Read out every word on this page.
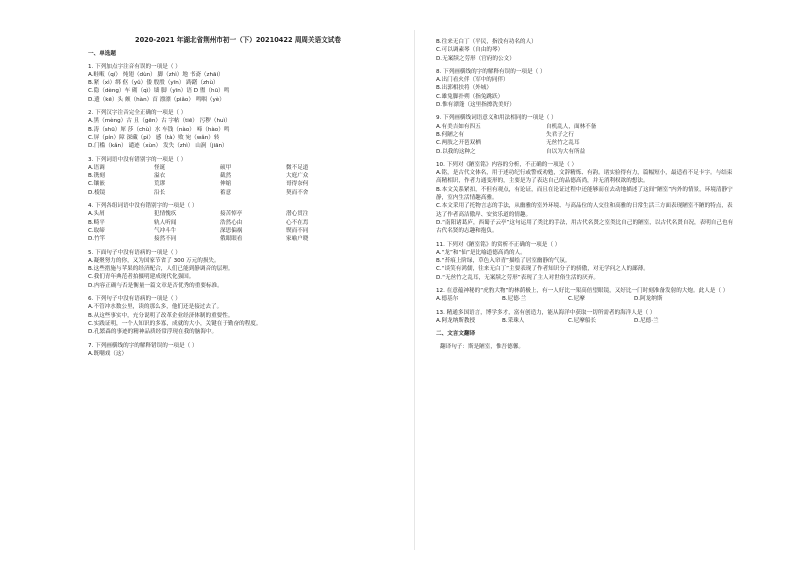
2020-2021 年湖北省荆州市初一（下）20210422 周周关语文试卷
一、单选题
1. 下列加点字注音有误的一项是（ ）
A.畦畈（qí） 炖翅（dùn） 脚（zhì）地 书斋（zhāi）
B.紧（xì）绑 伛（yǔ）偻 殷殷（yīn） 踌躇（zhù）
C.隐（dèng）车 砌（qì）墙 脚（yīn）语 D 盥（hū）鸣
D.遗（kē）头 颇（hàn）首 漂漂（piǎo） 鸣咽（yè）
2. 下列汉字注音完全正确的一项是（ ）
A.黑（mèng）古 且（gēn）古 字帖（tiē） 污秽（huì）
B.涛（shū）犀 莎（chù）水 车钱（nào） 啼（hào）鸣
C.屏（pín）障 深藏（pì） 感（tà）败 宛（wǎn）转
D.门槛（kǎn） 谴迹（xùn） 发失（zhì） 山涧（jiān）
3. 下列词语中没有错别字的一项是（ ）
A.语调	怪诞	硕甲	微不足道
B.镌刻	溢衣	截然	大庭广众
C.镶嵌	荒谬	伸缩	哥得奈何
D.棱镜	沿长	蓄意	契而不舍
4. 下列各组词语中没有错别字的一项是（ ）
A.头屑	犯情愧疚	接苦悼亭	潜心贯注
B.畸平	轨人听闻	浩然心由	心不在焉
C.取缔	气冲斗牛	深思偏祸	锲而不同
D.竹竿	接然不同	俄眼眼看	家喻户晓
5. 下面句子中没有语病的一项是（ ）
A.凝聚努力的你，又为国家节省了 300 万元的损失。
B.这些措施与苹果的经济配合，人们已能到静调音的层理。
C.我们青年典范者拍摄明建成现代化强国。
D.内容正确与否是衡量一篇文章是否优秀的重要标准。
6. 下列句子中没有语病的一项是（ ）
A.不管冲水数公里，读的那么多，他们还是接过去了。
B.从这些事实中，充分说明了改革企业经济体制的重要性。
C.实践证明，一个人知识的多寡，成就的大小，关键在于勤奋的程度。
D.孔繁森的事迹的精神品质经常浮现在我的脑海中。
7. 下列画横线的字的解释错误的一项是（ ）
A.既嘲戏（这）
B.往来无白丁（平民，指没有功名的人）
C.可以调素琴（自由的琴）
D.无案牍之劳形（官府的公文）
8. 下列画横线的字的解释有误的一项是（ ）
A.出门看火伴（军中的同伴）
B.出郭相扶将（外城）
C.雄兔脚扑朔（指兔跳跃）
D.惟有漂蓬（这里指擦洗美好）
9. 下列画横线词语意义和用法相同的一项是（ ）
A.有美吉如有四五	自机乱人，面林不备
B.何陋之有	失君子之行
C.两肢之开琶双栖	无丝竹之乱耳
D.以我的这种之	自以为大有所益
10. 下列对《陋室铭》内容的分析，不正确的一项是（ ）
A.铭，是古代文体名，用于述功纪行或警戒劝勉，文辞精炼、有韵。诸实验得有力，篇幅短小，最适看不足卡字。与结束高精相识，作者力通变形的，主要是为了表达自己的品德高尚，并无消利权欲的想法。
B.本文关系紧扣，不但有观点，有论证，而且在论证过程中还能够而在去动地描述了这间“陋室”内外的情景，环境清静宁静，室内生活情趣高雅。
C.本文采用了托物言志的手法，从幽雅的室外环境、与高品位的人交往和高雅的日常生活三方面表现陋室不陋的特点，表达了作者高洁傲岸、安贫乐道的情趣。
D.“南阳诸葛庐，西蜀子云亭”这句运用了类比的手法，用古代名贤之室类比自己的陋室，以古代名贤自况，表明自己也有古代名贤的志趣和抱负。
11. 下列对《陋室铭》的赏析不正确的一项是（ ）
A.“龙”和“仙”是比喻道德高尚的人。
B.“苔痕上阶绿，草色入帘青”描绘了居室幽静的气氛。
C.“谈笑有鸿儒，往来无白丁”主要表现了作者知识分子的骄傲，对无学问之人的鄙薄。
D.“无丝竹之乱耳，无案牍之劳形”表现了主人对世俗生活的厌弃。
12. 在意蕴神秘的“虎豹大物”的林荫极上，有一人好比一架高倍望眼镜，又好比一门时刻准备发射的大炮。此人是（ ）
A.德基尔	B.尼德·兰	C.尼摩	D.阿龙纳斯
13. 精通多国语言，博学多才，富有创造力，能从海洋中获取一切所需者的海洋人是（ ）
A.阿龙纳斯教授	B.采珠人	C.尼摩船长	D.尼德·兰
二、文言文翻译
翻译句子：斯是陋室，惟吾德馨。
